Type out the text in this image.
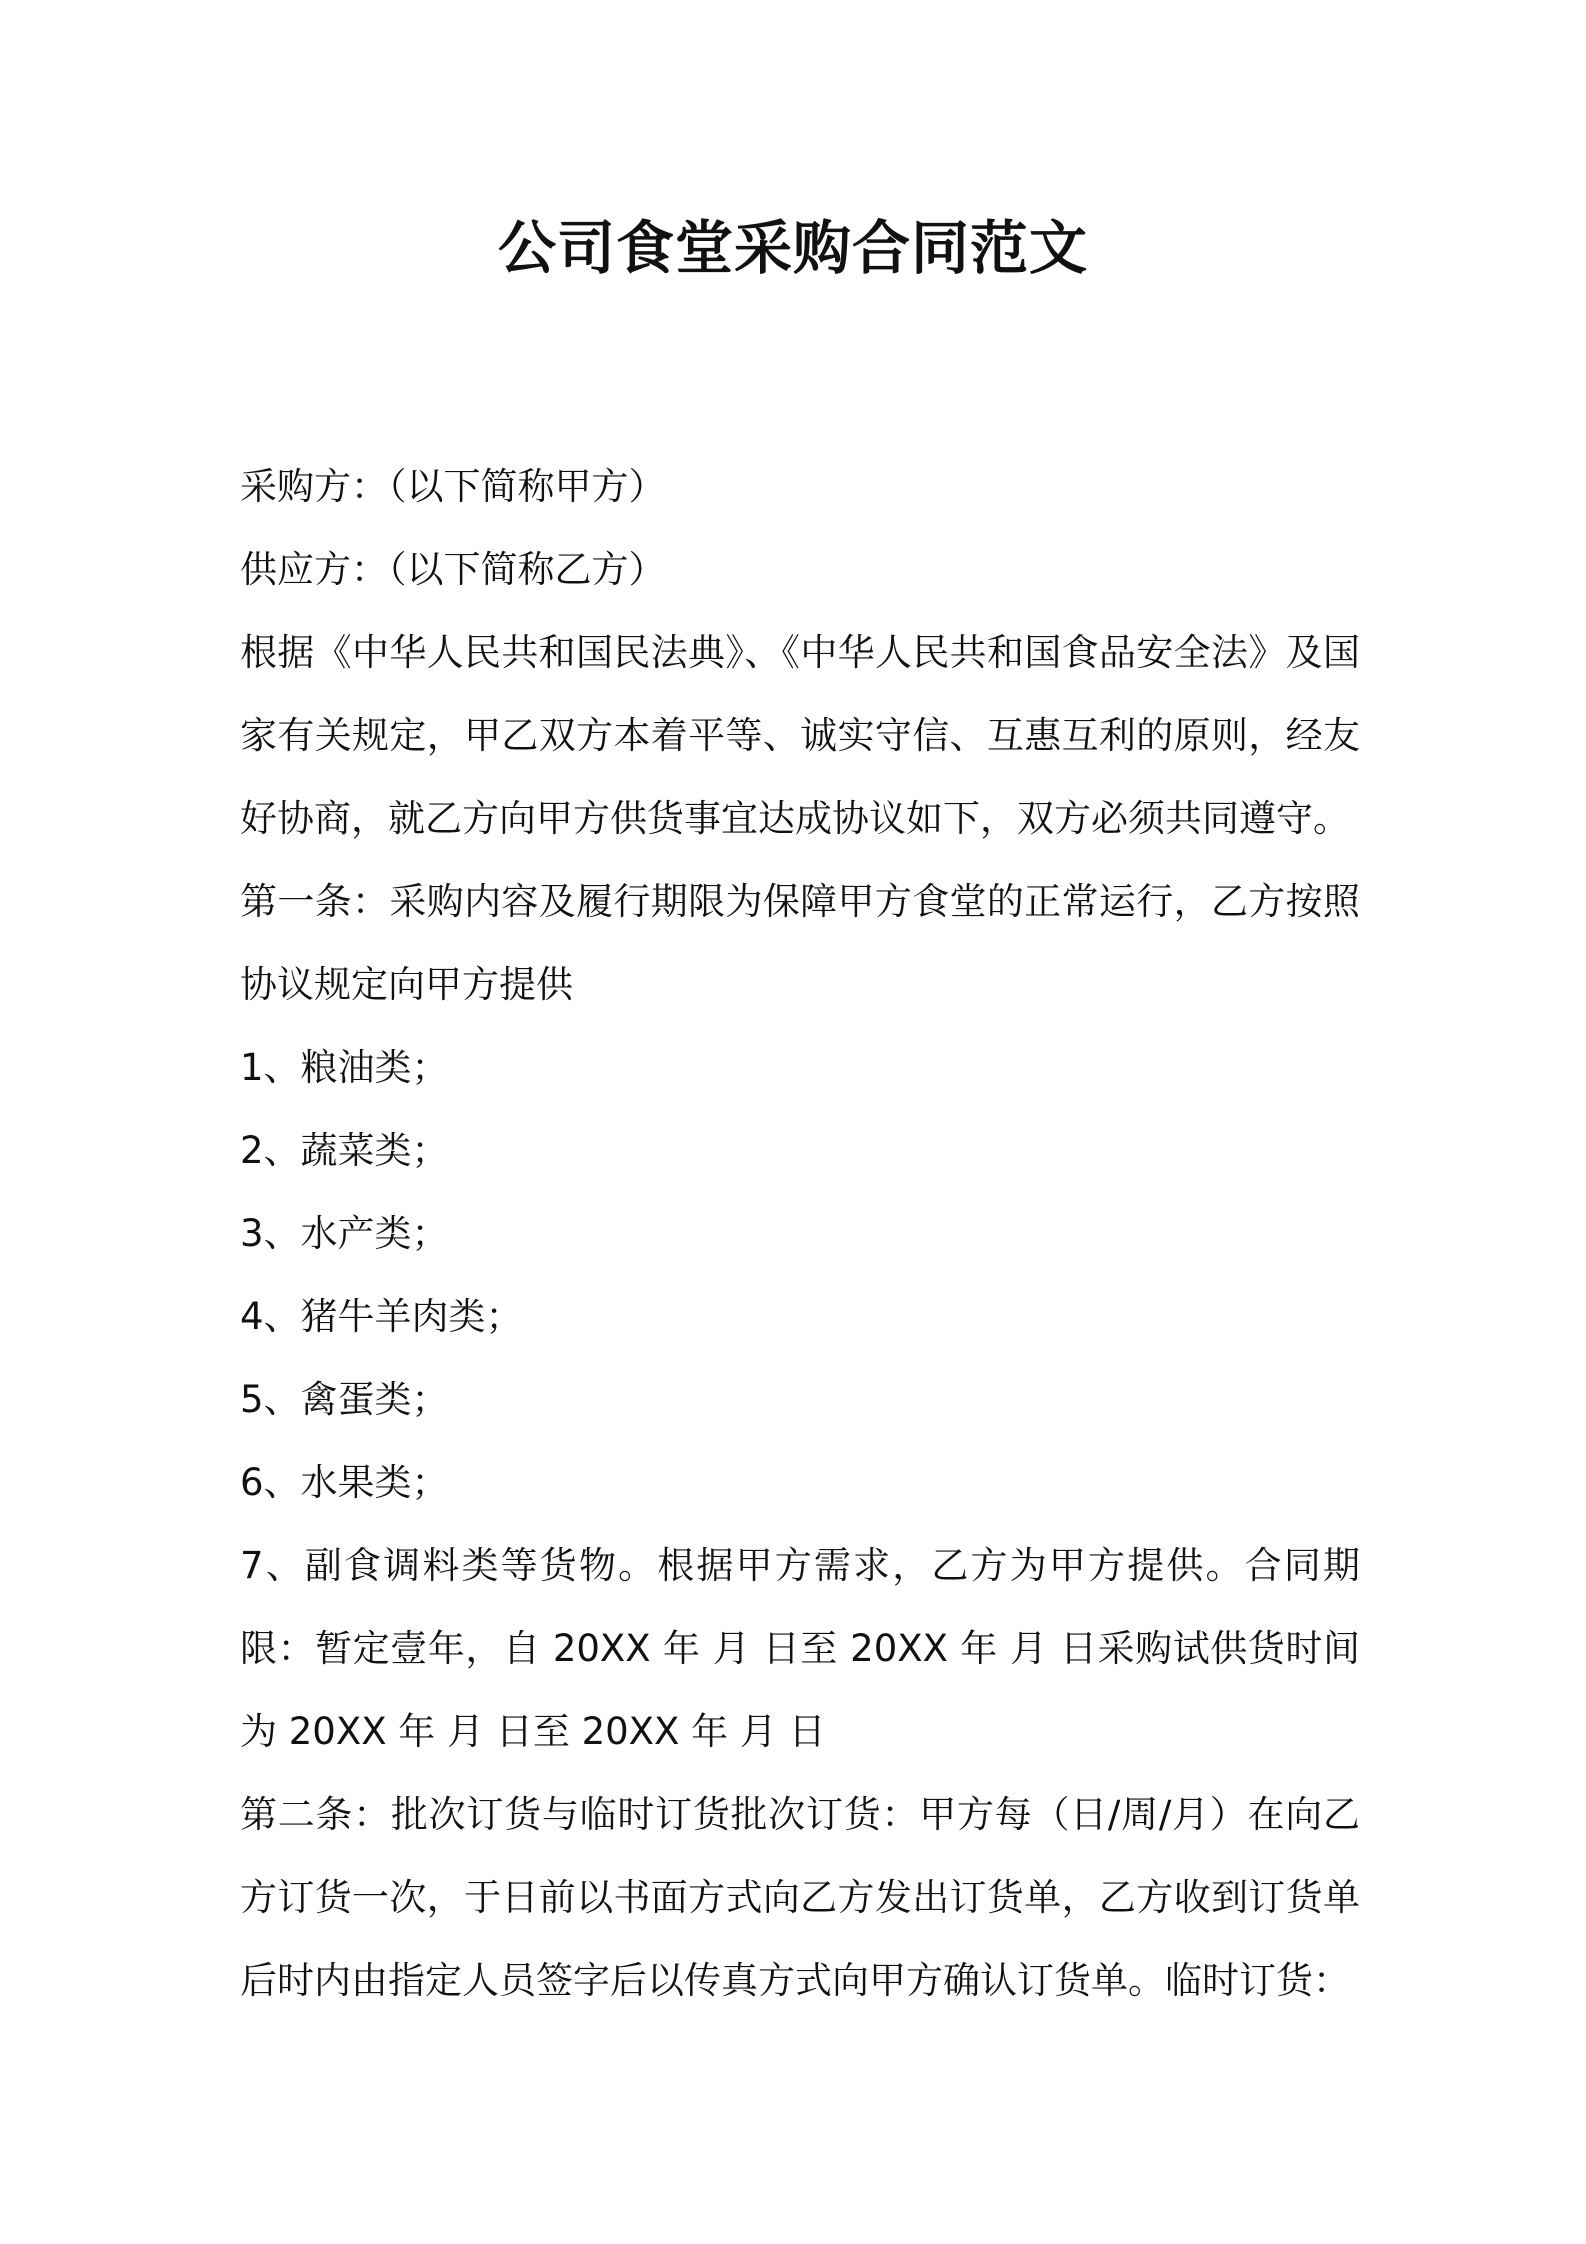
公司食堂采购合同范文

采购方：（以下简称甲方）

供应方：（以下简称乙方）

根据《中华人民共和国民法典》、《中华人民共和国食品安全法》及国家有关规定，甲乙双方本着平等、诚实守信、互惠互利的原则，经友好协商，就乙方向甲方供货事宜达成协议如下，双方必须共同遵守。

第一条：采购内容及履行期限为保障甲方食堂的正常运行，乙方按照协议规定向甲方提供

1、粮油类；

2、蔬菜类；

3、水产类；

4、猪牛羊肉类；

5、禽蛋类；

6、水果类；

7、副食调料类等货物。根据甲方需求，乙方为甲方提供。合同期限：暂定壹年，自 20XX 年 月 日至 20XX 年 月 日采购试供货时间为 20XX 年 月 日至 20XX 年 月 日

第二条：批次订货与临时订货批次订货：甲方每（日/周/月）在向乙方订货一次，于日前以书面方式向乙方发出订货单，乙方收到订货单后时内由指定人员签字后以传真方式向甲方确认订货单。临时订货：
